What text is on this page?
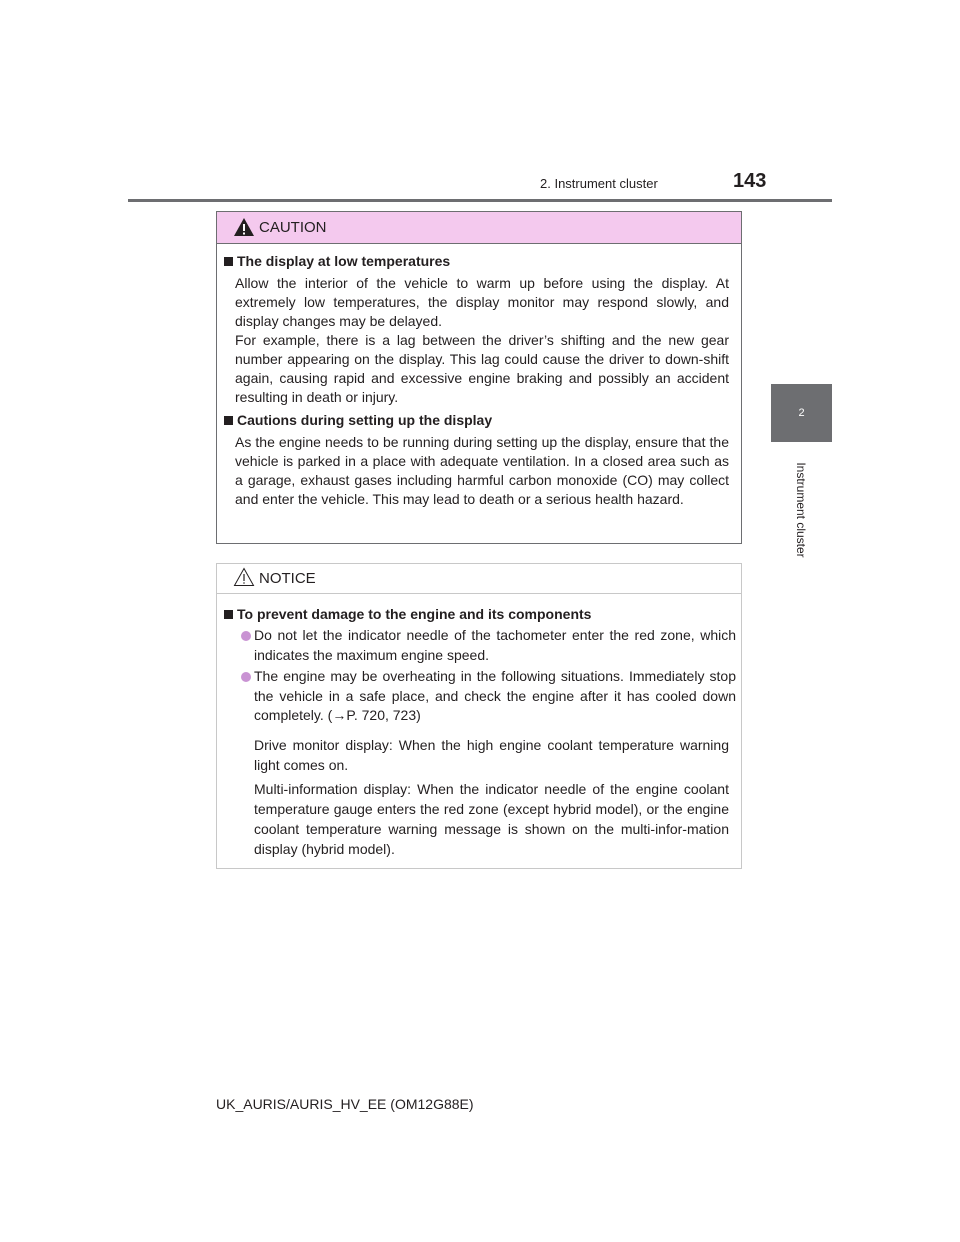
2. Instrument cluster	143
2
Instrument cluster
CAUTION
The display at low temperatures
Allow the interior of the vehicle to warm up before using the display. At extremely low temperatures, the display monitor may respond slowly, and display changes may be delayed.
For example, there is a lag between the driver’s shifting and the new gear number appearing on the display. This lag could cause the driver to down-shift again, causing rapid and excessive engine braking and possibly an accident resulting in death or injury.
Cautions during setting up the display
As the engine needs to be running during setting up the display, ensure that the vehicle is parked in a place with adequate ventilation. In a closed area such as a garage, exhaust gases including harmful carbon monoxide (CO) may collect and enter the vehicle. This may lead to death or a serious health hazard.
NOTICE
To prevent damage to the engine and its components
Do not let the indicator needle of the tachometer enter the red zone, which indicates the maximum engine speed.
The engine may be overheating in the following situations. Immediately stop the vehicle in a safe place, and check the engine after it has cooled down completely. (→P. 720, 723)
Drive monitor display: When the high engine coolant temperature warning light comes on.
Multi-information display: When the indicator needle of the engine coolant temperature gauge enters the red zone (except hybrid model), or the engine coolant temperature warning message is shown on the multi-infor-mation display (hybrid model).
UK_AURIS/AURIS_HV_EE (OM12G88E)
